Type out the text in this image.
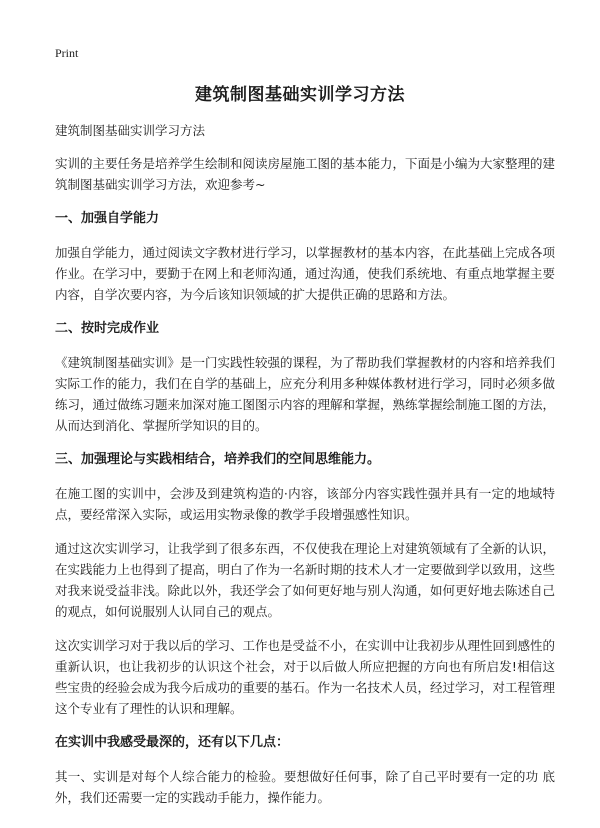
Print

建筑制图基础实训学习方法

建筑制图基础实训学习方法

实训的主要任务是培养学生绘制和阅读房屋施工图的基本能力，下面是小编为大家整理的建筑制图基础实训学习方法，欢迎参考~

一、加强自学能力

加强自学能力，通过阅读文字教材进行学习，以掌握教材的基本内容，在此基础上完成各项作业。在学习中，要勤于在网上和老师沟通，通过沟通，使我们系统地、有重点地掌握主要内容，自学次要内容，为今后该知识领域的扩大提供正确的思路和方法。

二、按时完成作业

《建筑制图基础实训》是一门实践性较强的课程，为了帮助我们掌握教材的内容和培养我们实际工作的能力，我们在自学的基础上，应充分利用多种媒体教材进行学习，同时必须多做练习，通过做练习题来加深对施工图图示内容的理解和掌握，熟练掌握绘制施工图的方法，从而达到消化、掌握所学知识的目的。

三、加强理论与实践相结合，培养我们的空间思维能力。

在施工图的实训中，会涉及到建筑构造的·内容，该部分内容实践性强并具有一定的地域特点，要经常深入实际，或运用实物录像的教学手段增强感性知识。

通过这次实训学习，让我学到了很多东西，不仅使我在理论上对建筑领域有了全新的认识，在实践能力上也得到了提高，明白了作为一名新时期的技术人才一定要做到学以致用，这些对我来说受益非浅。除此以外，我还学会了如何更好地与别人沟通，如何更好地去陈述自己的观点，如何说服别人认同自己的观点。

这次实训学习对于我以后的学习、工作也是受益不小，在实训中让我初步从理性回到感性的重新认识，也让我初步的认识这个社会，对于以后做人所应把握的方向也有所启发!相信这些宝贵的经验会成为我今后成功的重要的基石。作为一名技术人员，经过学习，对工程管理这个专业有了理性的认识和理解。

在实训中我感受最深的，还有以下几点：

其一、实训是对每个人综合能力的检验。要想做好任何事，除了自己平时要有一定的功 底外，我们还需要一定的实践动手能力，操作能力。
